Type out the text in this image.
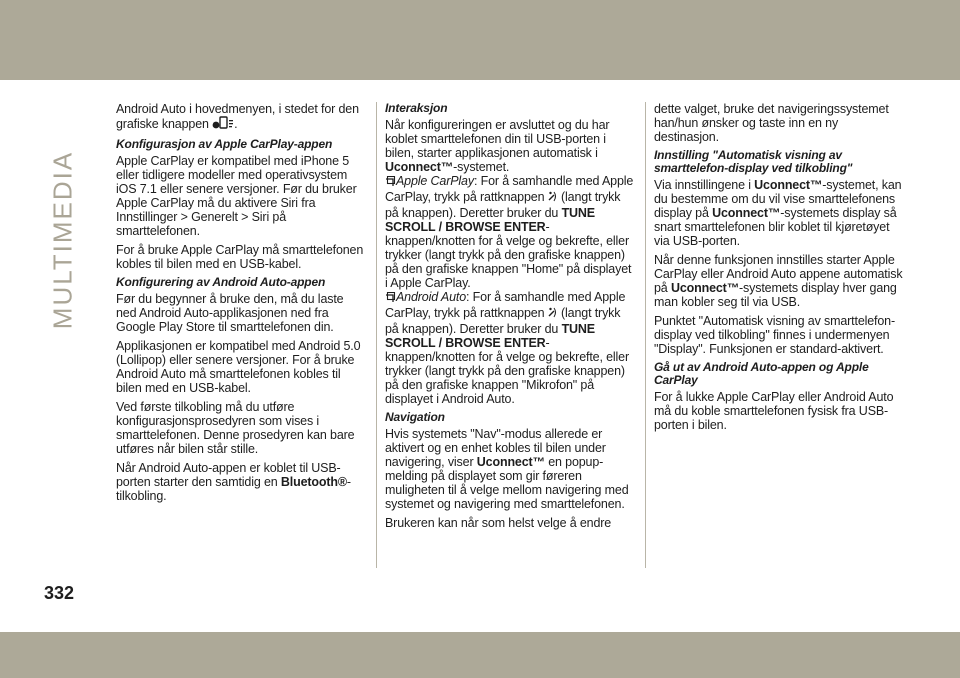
MULTIMEDIA

Android Auto i hovedmenyen, i stedet for den grafiske knappen .

Konfigurasjon av Apple CarPlay-appen

Apple CarPlay er kompatibel med iPhone 5 eller tidligere modeller med operativsystem iOS 7.1 eller senere versjoner. Før du bruker Apple CarPlay må du aktivere Siri fra Innstillinger > Generelt > Siri på smarttelefonen.

For å bruke Apple CarPlay må smarttelefonen kobles til bilen med en USB-kabel.

Konfigurering av Android Auto-appen

Før du begynner å bruke den, må du laste ned Android Auto-applikasjonen ned fra Google Play Store til smarttelefonen din.

Applikasjonen er kompatibel med Android 5.0 (Lollipop) eller senere versjoner. For å bruke Android Auto må smarttelefonen kobles til bilen med en USB-kabel.

Ved første tilkobling må du utføre konfigurasjonsprosedyren som vises i smarttelefonen. Denne prosedyren kan bare utføres når bilen står stille.

Når Android Auto-appen er koblet til USB-porten starter den samtidig en Bluetooth®-tilkobling.

Interaksjon

Når konfigureringen er avsluttet og du har koblet smarttelefonen din til USB-porten i bilen, starter applikasjonen automatisk i Uconnect™-systemet.

Apple CarPlay: For å samhandle med Apple CarPlay, trykk på rattknappen  (langt trykk på knappen). Deretter bruker du TUNE SCROLL / BROWSE ENTER-knappen/knotten for å velge og bekrefte, eller trykker (langt trykk på den grafiske knappen) på den grafiske knappen "Home" på displayet i Apple CarPlay.

Android Auto: For å samhandle med Apple CarPlay, trykk på rattknappen  (langt trykk på knappen). Deretter bruker du TUNE SCROLL / BROWSE ENTER-knappen/knotten for å velge og bekrefte, eller trykker (langt trykk på den grafiske knappen) på den grafiske knappen "Mikrofon" på displayet i Android Auto.

Navigation

Hvis systemets "Nav"-modus allerede er aktivert og en enhet kobles til bilen under navigering, viser Uconnect™ en popup-melding på displayet som gir føreren muligheten til å velge mellom navigering med systemet og navigering med smarttelefonen.

Brukeren kan når som helst velge å endre

dette valget, bruke det navigeringssystemet han/hun ønsker og taste inn en ny destinasjon.

Innstilling "Automatisk visning av smarttelefon-display ved tilkobling"

Via innstillingene i Uconnect™-systemet, kan du bestemme om du vil vise smarttelefonens display på Uconnect™-systemets display så snart smarttelefonen blir koblet til kjøretøyet via USB-porten.

Når denne funksjonen innstilles starter Apple CarPlay eller Android Auto appene automatisk på Uconnect™-systemets display hver gang man kobler seg til via USB.

Punktet "Automatisk visning av smarttelefon-display ved tilkobling" finnes i undermenyen "Display". Funksjonen er standard-aktivert.

Gå ut av Android Auto-appen og Apple CarPlay

For å lukke Apple CarPlay eller Android Auto må du koble smarttelefonen fysisk fra USB-porten i bilen.

332
